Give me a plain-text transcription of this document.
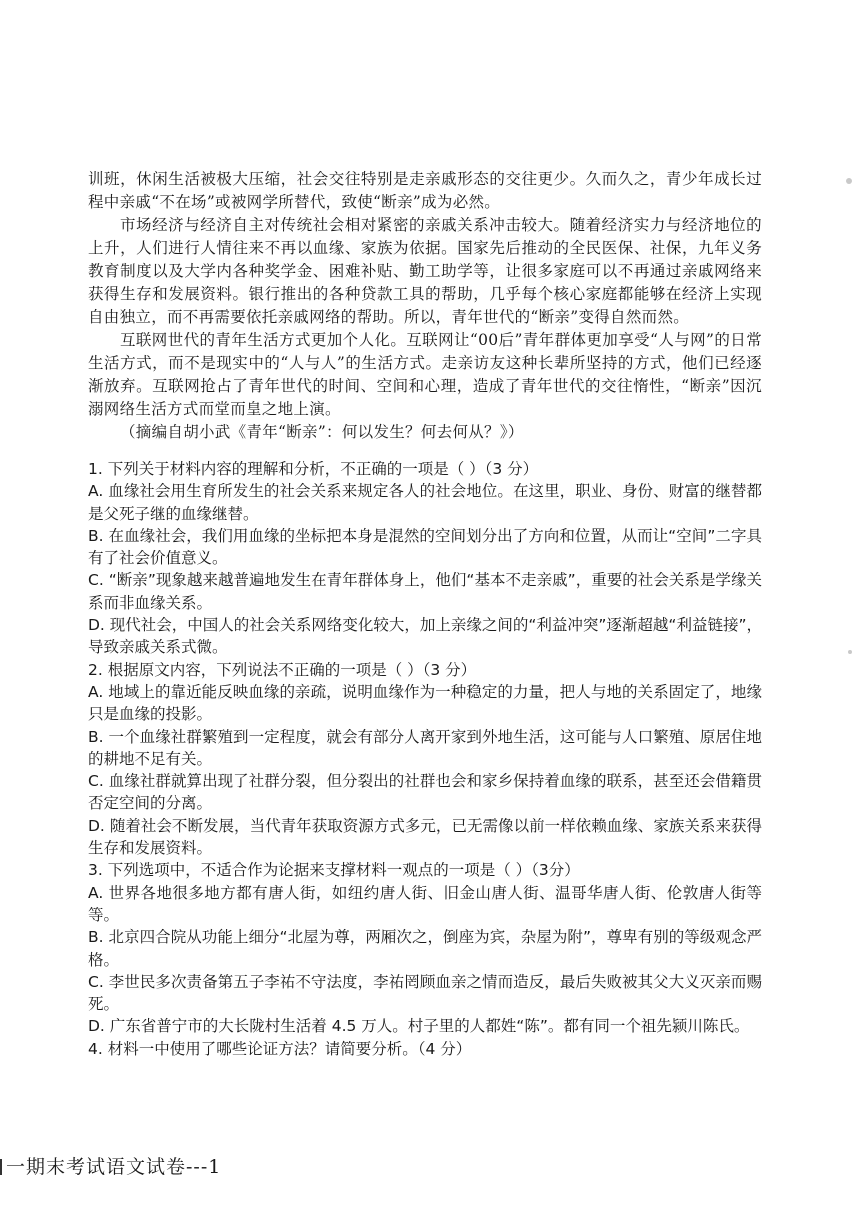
训班，休闲生活被极大压缩，社会交往特别是走亲戚形态的交往更少。久而久之，青少年成长过程中亲戚“不在场”或被网学所替代，致使“断亲”成为必然。

市场经济与经济自主对传统社会相对紧密的亲戚关系冲击较大。随着经济实力与经济地位的上升，人们进行人情往来不再以血缘、家族为依据。国家先后推动的全民医保、社保，九年义务教育制度以及大学内各种奖学金、困难补贴、勤工助学等，让很多家庭可以不再通过亲戚网络来获得生存和发展资料。银行推出的各种贷款工具的帮助，几乎每个核心家庭都能够在经济上实现自由独立，而不再需要依托亲戚网络的帮助。所以，青年世代的“断亲”变得自然而然。

互联网世代的青年生活方式更加个人化。互联网让“00后”青年群体更加享受“人与网”的日常生活方式，而不是现实中的“人与人”的生活方式。走亲访友这种长辈所坚持的方式，他们已经逐渐放弃。互联网抢占了青年世代的时间、空间和心理，造成了青年世代的交往惰性，“断亲”因沉溺网络生活方式而堂而皇之地上演。

（摘编自胡小武《青年“断亲”：何以发生？何去何从？》）

1. 下列关于材料内容的理解和分析，不正确的一项是（ ）（3 分）
A. 血缘社会用生育所发生的社会关系来规定各人的社会地位。在这里，职业、身份、财富的继替都是父死子继的血缘继替。
B. 在血缘社会，我们用血缘的坐标把本身是混然的空间划分出了方向和位置，从而让“空间”二字具有了社会价值意义。
C. “断亲”现象越来越普遍地发生在青年群体身上，他们“基本不走亲戚”，重要的社会关系是学缘关系而非血缘关系。
D. 现代社会，中国人的社会关系网络变化较大，加上亲缘之间的“利益冲突”逐渐超越“利益链接”，导致亲戚关系式微。
2. 根据原文内容，下列说法不正确的一项是（ ）（3 分）
A. 地域上的靠近能反映血缘的亲疏，说明血缘作为一种稳定的力量，把人与地的关系固定了，地缘只是血缘的投影。
B. 一个血缘社群繁殖到一定程度，就会有部分人离开家到外地生活，这可能与人口繁殖、原居住地的耕地不足有关。
C. 血缘社群就算出现了社群分裂，但分裂出的社群也会和家乡保持着血缘的联系，甚至还会借籍贯否定空间的分离。
D. 随着社会不断发展，当代青年获取资源方式多元，已无需像以前一样依赖血缘、家族关系来获得生存和发展资料。
3. 下列选项中，不适合作为论据来支撑材料一观点的一项是（ ）（3分）
A. 世界各地很多地方都有唐人街，如纽约唐人街、旧金山唐人街、温哥华唐人街、伦敦唐人街等等。
B. 北京四合院从功能上细分“北屋为尊，两厢次之，倒座为宾，杂屋为附”，尊卑有别的等级观念严格。
C. 李世民多次责备第五子李祐不守法度，李祐罔顾血亲之情而造反，最后失败被其父大义灭亲而赐死。
D. 广东省普宁市的大长陇村生活着 4.5 万人。村子里的人都姓“陈”。都有同一个祖先颍川陈氏。
4. 材料一中使用了哪些论证方法？请简要分析。（4 分）
一期末考试语文试卷---1
